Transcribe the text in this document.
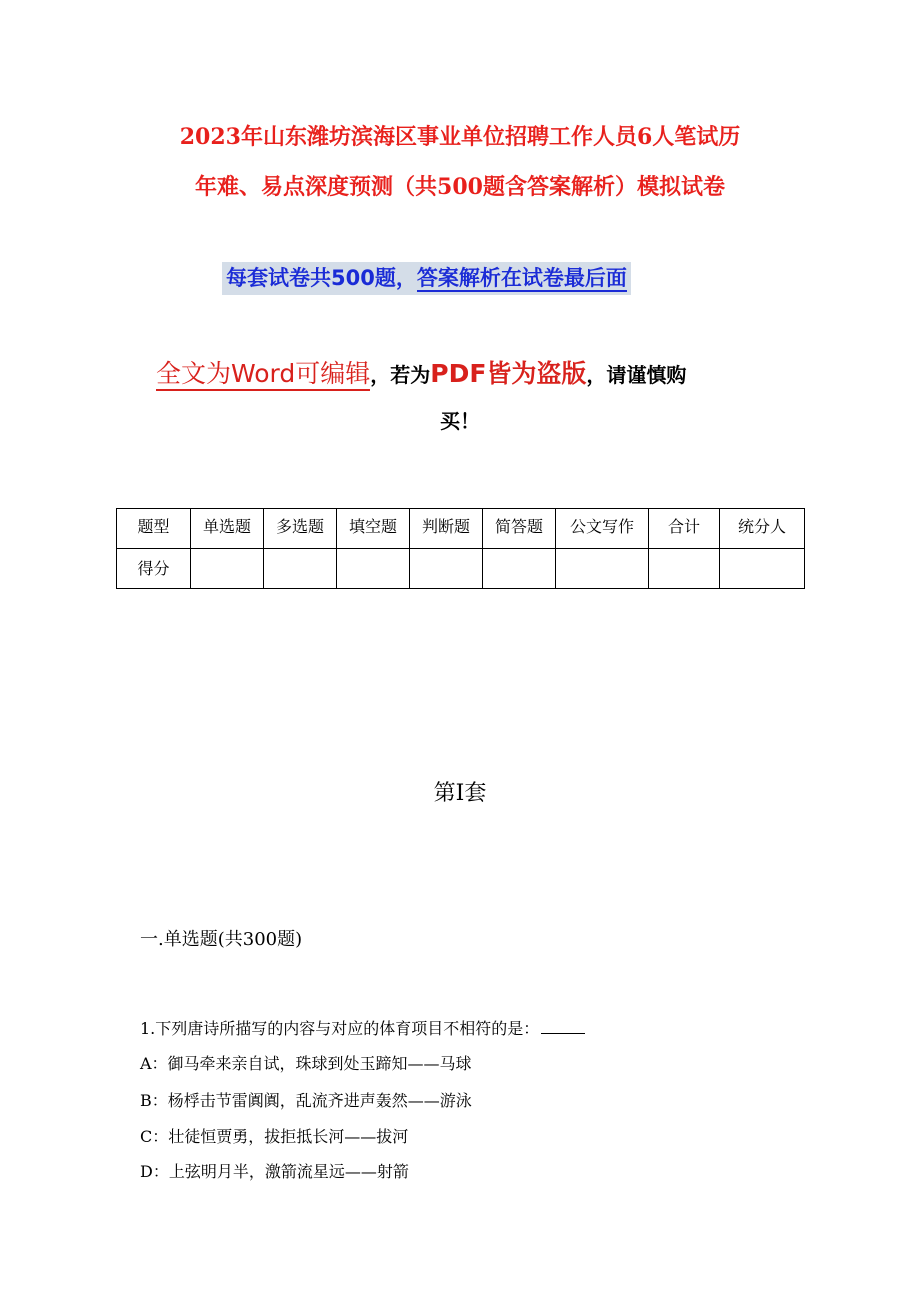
2023年山东潍坊滨海区事业单位招聘工作人员6人笔试历
年难、易点深度预测（共500题含答案解析）模拟试卷
每套试卷共500题，答案解析在试卷最后面
全文为Word可编辑，若为PDF皆为盗版，请谨慎购
买！
题型	单选题	多选题	填空题	判断题	简答题	公文写作	合计	统分人
得分								
第Ⅰ套
一.单选题(共300题)
1.下列唐诗所描写的内容与对应的体育项目不相符的是：
A：御马牵来亲自试，珠球到处玉蹄知——马球
B：杨桴击节雷阗阗，乱流齐进声轰然——游泳
C：壮徒恒贾勇，拔拒抵长河——拔河
D：上弦明月半，激箭流星远——射箭
